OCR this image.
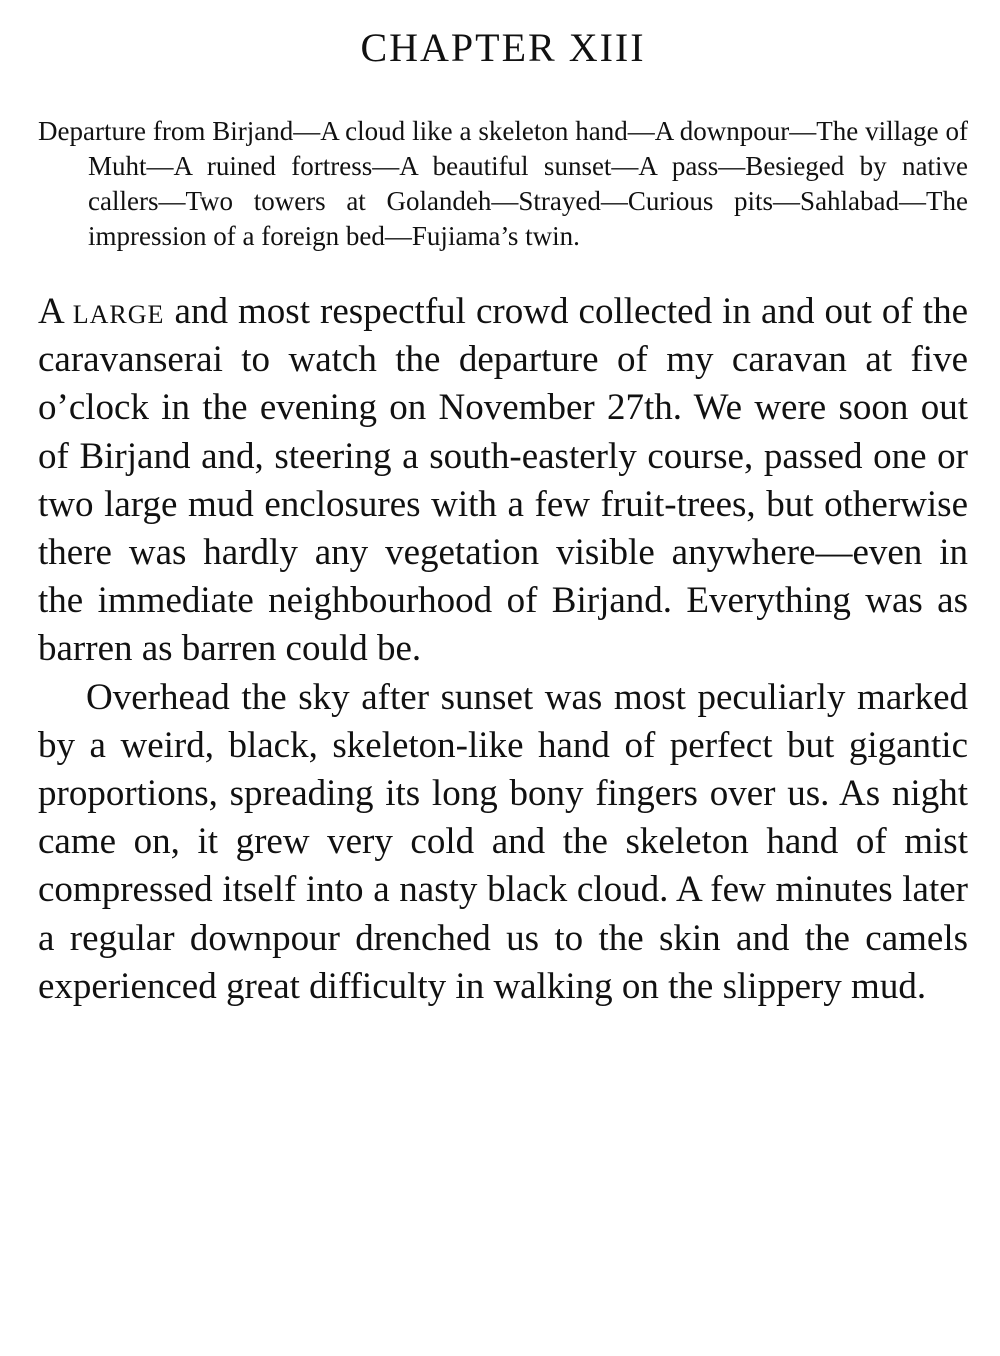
CHAPTER XIII

Departure from Birjand—A cloud like a skeleton hand—A downpour—The village of Muht—A ruined fortress—A beautiful sunset—A pass—Besieged by native callers—Two towers at Golandeh—Strayed—Curious pits—Sahlabad—The impression of a foreign bed—Fujiama’s twin.

A large and most respectful crowd collected in and out of the caravanserai to watch the departure of my caravan at five o’clock in the evening on November 27th. We were soon out of Birjand and, steering a south-easterly course, passed one or two large mud enclosures with a few fruit-trees, but otherwise there was hardly any vegetation visible anywhere—even in the immediate neighbourhood of Birjand. Everything was as barren as barren could be.

Overhead the sky after sunset was most peculiarly marked by a weird, black, skeleton-like hand of perfect but gigantic proportions, spreading its long bony fingers over us. As night came on, it grew very cold and the skeleton hand of mist compressed itself into a nasty black cloud. A few minutes later a regular downpour drenched us to the skin and the camels experienced great difficulty in walking on the slippery mud.
